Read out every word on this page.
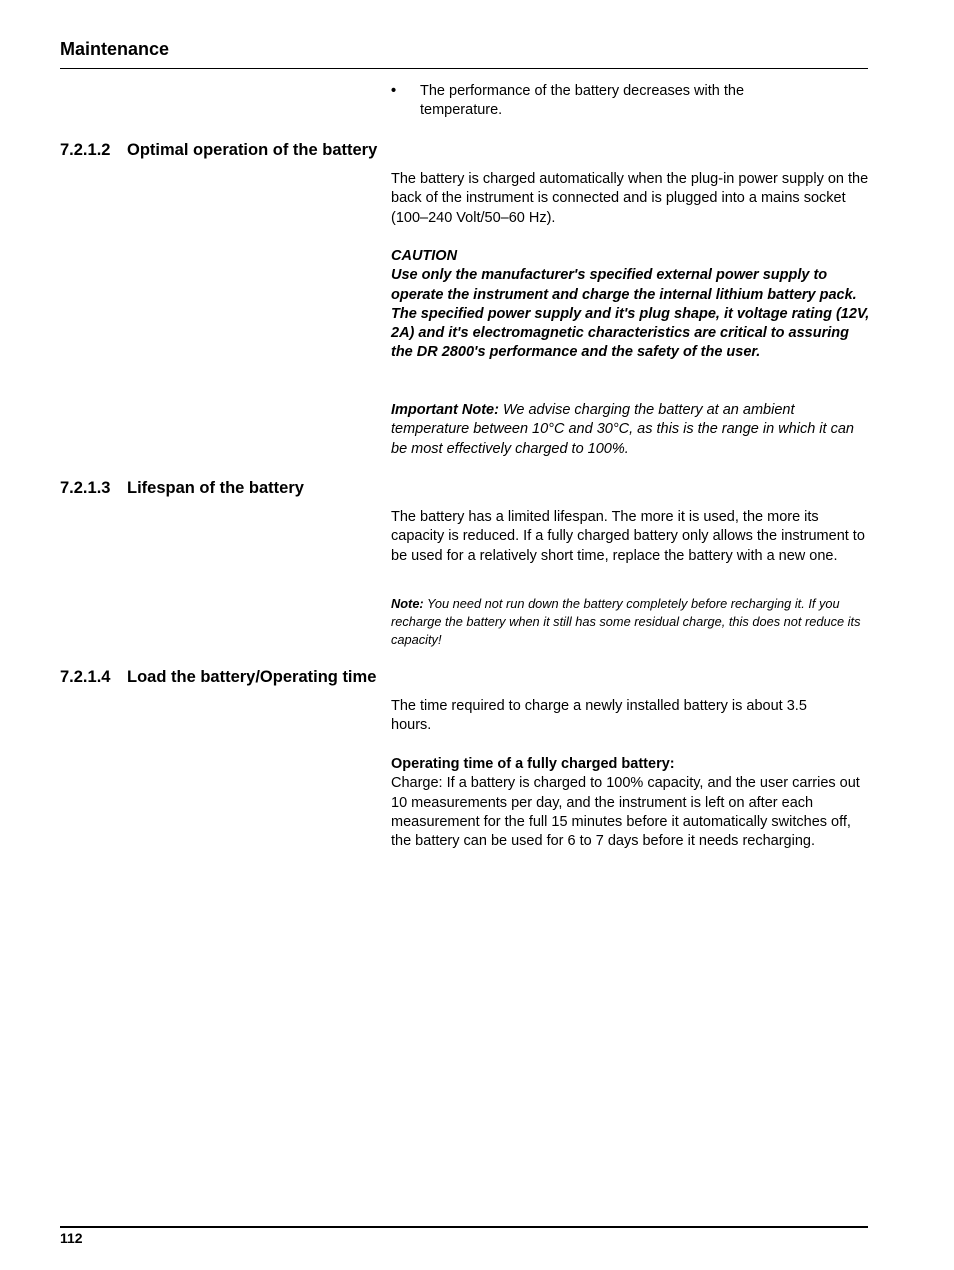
Maintenance
•	The performance of the battery decreases with the temperature.
7.2.1.2 Optimal operation of the battery
The battery is charged automatically when the plug-in power supply on the back of the instrument is connected and is plugged into a mains socket (100–240 Volt/50–60 Hz).
CAUTION
Use only the manufacturer's specified external power supply to operate the instrument and charge the internal lithium battery pack. The specified power supply and it's plug shape, it voltage rating (12V, 2A) and it's electromagnetic characteristics are critical to assuring the DR 2800's performance and the safety of the user.
Important Note: We advise charging the battery at an ambient temperature between 10°C and 30°C, as this is the range in which it can be most effectively charged to 100%.
7.2.1.3 Lifespan of the battery
The battery has a limited lifespan. The more it is used, the more its capacity is reduced. If a fully charged battery only allows the instrument to be used for a relatively short time, replace the battery with a new one.
Note: You need not run down the battery completely before recharging it. If you recharge the battery when it still has some residual charge, this does not reduce its capacity!
7.2.1.4 Load the battery/Operating time
The time required to charge a newly installed battery is about 3.5 hours.
Operating time of a fully charged battery:
Charge: If a battery is charged to 100% capacity, and the user carries out 10 measurements per day, and the instrument is left on after each measurement for the full 15 minutes before it automatically switches off, the battery can be used for 6 to 7 days before it needs recharging.
112
